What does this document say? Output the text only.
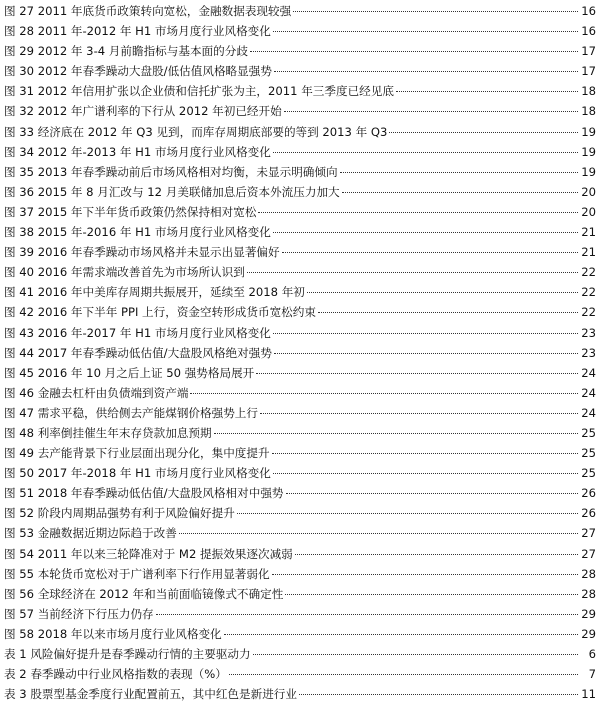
图 27 2011 年底货币政策转向宽松，金融数据表现较强	16
图 28 2011 年-2012 年 H1 市场月度行业风格变化	16
图 29 2012 年 3-4 月前瞻指标与基本面的分歧	17
图 30 2012 年春季躁动大盘股/低估值风格略显强势	17
图 31 2012 年信用扩张以企业债和信托扩张为主，2011 年三季度已经见底	18
图 32 2012 年广谱利率的下行从 2012 年初已经开始	18
图 33 经济底在 2012 年 Q3 见到，而库存周期底部要的等到 2013 年 Q3	19
图 34 2012 年-2013 年 H1 市场月度行业风格变化	19
图 35 2013 年春季躁动前后市场风格相对均衡，未显示明确倾向	19
图 36 2015 年 8 月汇改与 12 月美联储加息后资本外流压力加大	20
图 37 2015 年下半年货币政策仍然保持相对宽松	20
图 38 2015 年-2016 年 H1 市场月度行业风格变化	21
图 39 2016 年春季躁动市场风格并未显示出显著偏好	21
图 40 2016 年需求端改善首先为市场所认识到	22
图 41 2016 年中美库存周期共振展开，延续至 2018 年初	22
图 42 2016 年下半年 PPI 上行，资金空转形成货币宽松约束	22
图 43 2016 年-2017 年 H1 市场月度行业风格变化	23
图 44 2017 年春季躁动低估值/大盘股风格绝对强势	23
图 45 2016 年 10 月之后上证 50 强势格局展开	24
图 46 金融去杠杆由负债端到资产端	24
图 47 需求平稳，供给侧去产能煤钢价格强势上行	24
图 48 利率倒挂催生年末存贷款加息预期	25
图 49 去产能背景下行业层面出现分化，集中度提升	25
图 50 2017 年-2018 年 H1 市场月度行业风格变化	25
图 51 2018 年春季躁动低估值/大盘股风格相对中强势	26
图 52 阶段内周期品强势有利于风险偏好提升	26
图 53 金融数据近期边际趋于改善	27
图 54 2011 年以来三轮降准对于 M2 提振效果逐次减弱	27
图 55 本轮货币宽松对于广谱利率下行作用显著弱化	28
图 56 全球经济在 2012 年和当前面临镜像式不确定性	28
图 57 当前经济下行压力仍存	29
图 58 2018 年以来市场月度行业风格变化	29
表 1 风险偏好提升是春季躁动行情的主要驱动力	6
表 2 春季躁动中行业风格指数的表现（%）	7
表 3 股票型基金季度行业配置前五，其中红色是新进行业	11
